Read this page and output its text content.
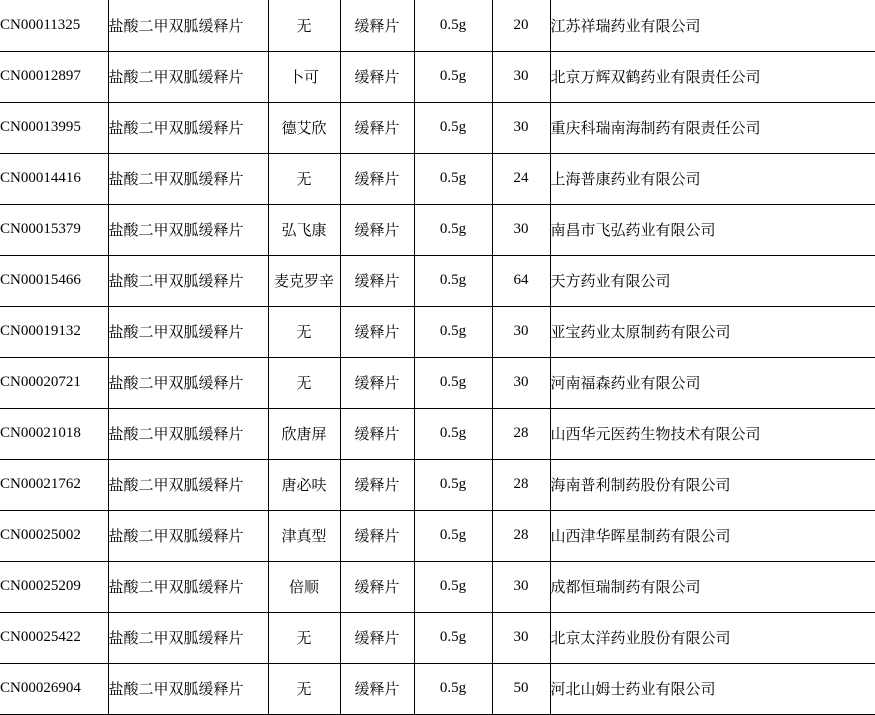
CN00011325	盐酸二甲双胍缓释片	无	缓释片	0.5g	20	江苏祥瑞药业有限公司
CN00012897	盐酸二甲双胍缓释片	卜可	缓释片	0.5g	30	北京万辉双鹤药业有限责任公司
CN00013995	盐酸二甲双胍缓释片	德艾欣	缓释片	0.5g	30	重庆科瑞南海制药有限责任公司
CN00014416	盐酸二甲双胍缓释片	无	缓释片	0.5g	24	上海普康药业有限公司
CN00015379	盐酸二甲双胍缓释片	弘飞康	缓释片	0.5g	30	南昌市飞弘药业有限公司
CN00015466	盐酸二甲双胍缓释片	麦克罗辛	缓释片	0.5g	64	天方药业有限公司
CN00019132	盐酸二甲双胍缓释片	无	缓释片	0.5g	30	亚宝药业太原制药有限公司
CN00020721	盐酸二甲双胍缓释片	无	缓释片	0.5g	30	河南福森药业有限公司
CN00021018	盐酸二甲双胍缓释片	欣唐屏	缓释片	0.5g	28	山西华元医药生物技术有限公司
CN00021762	盐酸二甲双胍缓释片	唐必呋	缓释片	0.5g	28	海南普利制药股份有限公司
CN00025002	盐酸二甲双胍缓释片	津真型	缓释片	0.5g	28	山西津华晖星制药有限公司
CN00025209	盐酸二甲双胍缓释片	倍顺	缓释片	0.5g	30	成都恒瑞制药有限公司
CN00025422	盐酸二甲双胍缓释片	无	缓释片	0.5g	30	北京太洋药业股份有限公司
CN00026904	盐酸二甲双胍缓释片	无	缓释片	0.5g	50	河北山姆士药业有限公司
